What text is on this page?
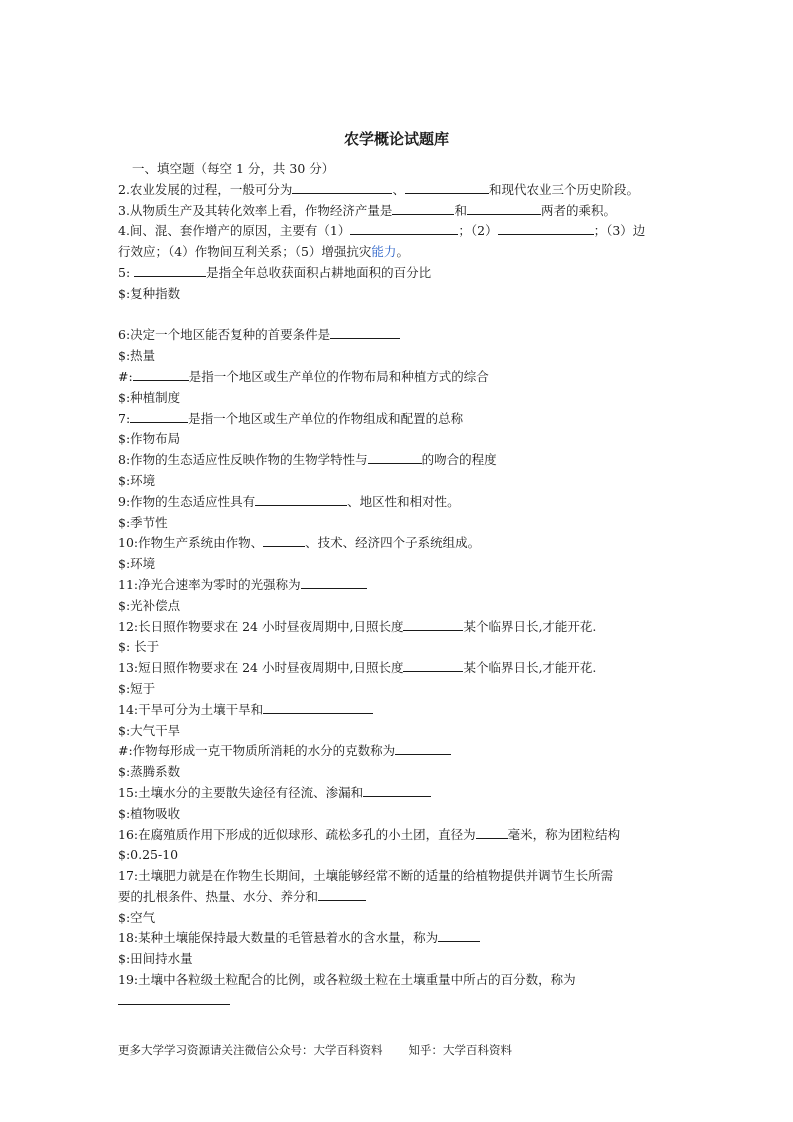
农学概论试题库
一、填空题（每空 1 分，共 30 分）
2.农业发展的过程，一般可分为	、	和现代农业三个历史阶段。
3.从物质生产及其转化效率上看，作物经济产量是	和	两者的乘积。
4.间、混、套作增产的原因，主要有（1）	；（2）	；（3）边
行效应；（4）作物间互利关系；（5）增强抗灾能力。
5:	是指全年总收获面积占耕地面积的百分比
$:复种指数
6:决定一个地区能否复种的首要条件是
$:热量
#:	是指一个地区或生产单位的作物布局和种植方式的综合
$:种植制度
7:	是指一个地区或生产单位的作物组成和配置的总称
$:作物布局
8:作物的生态适应性反映作物的生物学特性与	的吻合的程度
$:环境
9:作物的生态适应性具有	、地区性和相对性。
$:季节性
10:作物生产系统由作物、	、技术、经济四个子系统组成。
$:环境
11:净光合速率为零时的光强称为
$:光补偿点
12:长日照作物要求在 24 小时昼夜周期中,日照长度	某个临界日长,才能开花.
$: 长于
13:短日照作物要求在 24 小时昼夜周期中,日照长度	某个临界日长,才能开花.
$:短于
14:干旱可分为土壤干旱和
$:大气干旱
#:作物每形成一克干物质所消耗的水分的克数称为
$:蒸腾系数
15:土壤水分的主要散失途径有径流、渗漏和
$:植物吸收
16:在腐殖质作用下形成的近似球形、疏松多孔的小土团，直径为	毫米，称为团粒结构
$:0.25-10
17:土壤肥力就是在作物生长期间，土壤能够经常不断的适量的给植物提供并调节生长所需
要的扎根条件、热量、水分、养分和
$:空气
18:某种土壤能保持最大数量的毛管悬着水的含水量，称为
$:田间持水量
19:土壤中各粒级土粒配合的比例，或各粒级土粒在土壤重量中所占的百分数，称为
更多大学学习资源请关注微信公众号：大学百科资料 知乎：大学百科资料
